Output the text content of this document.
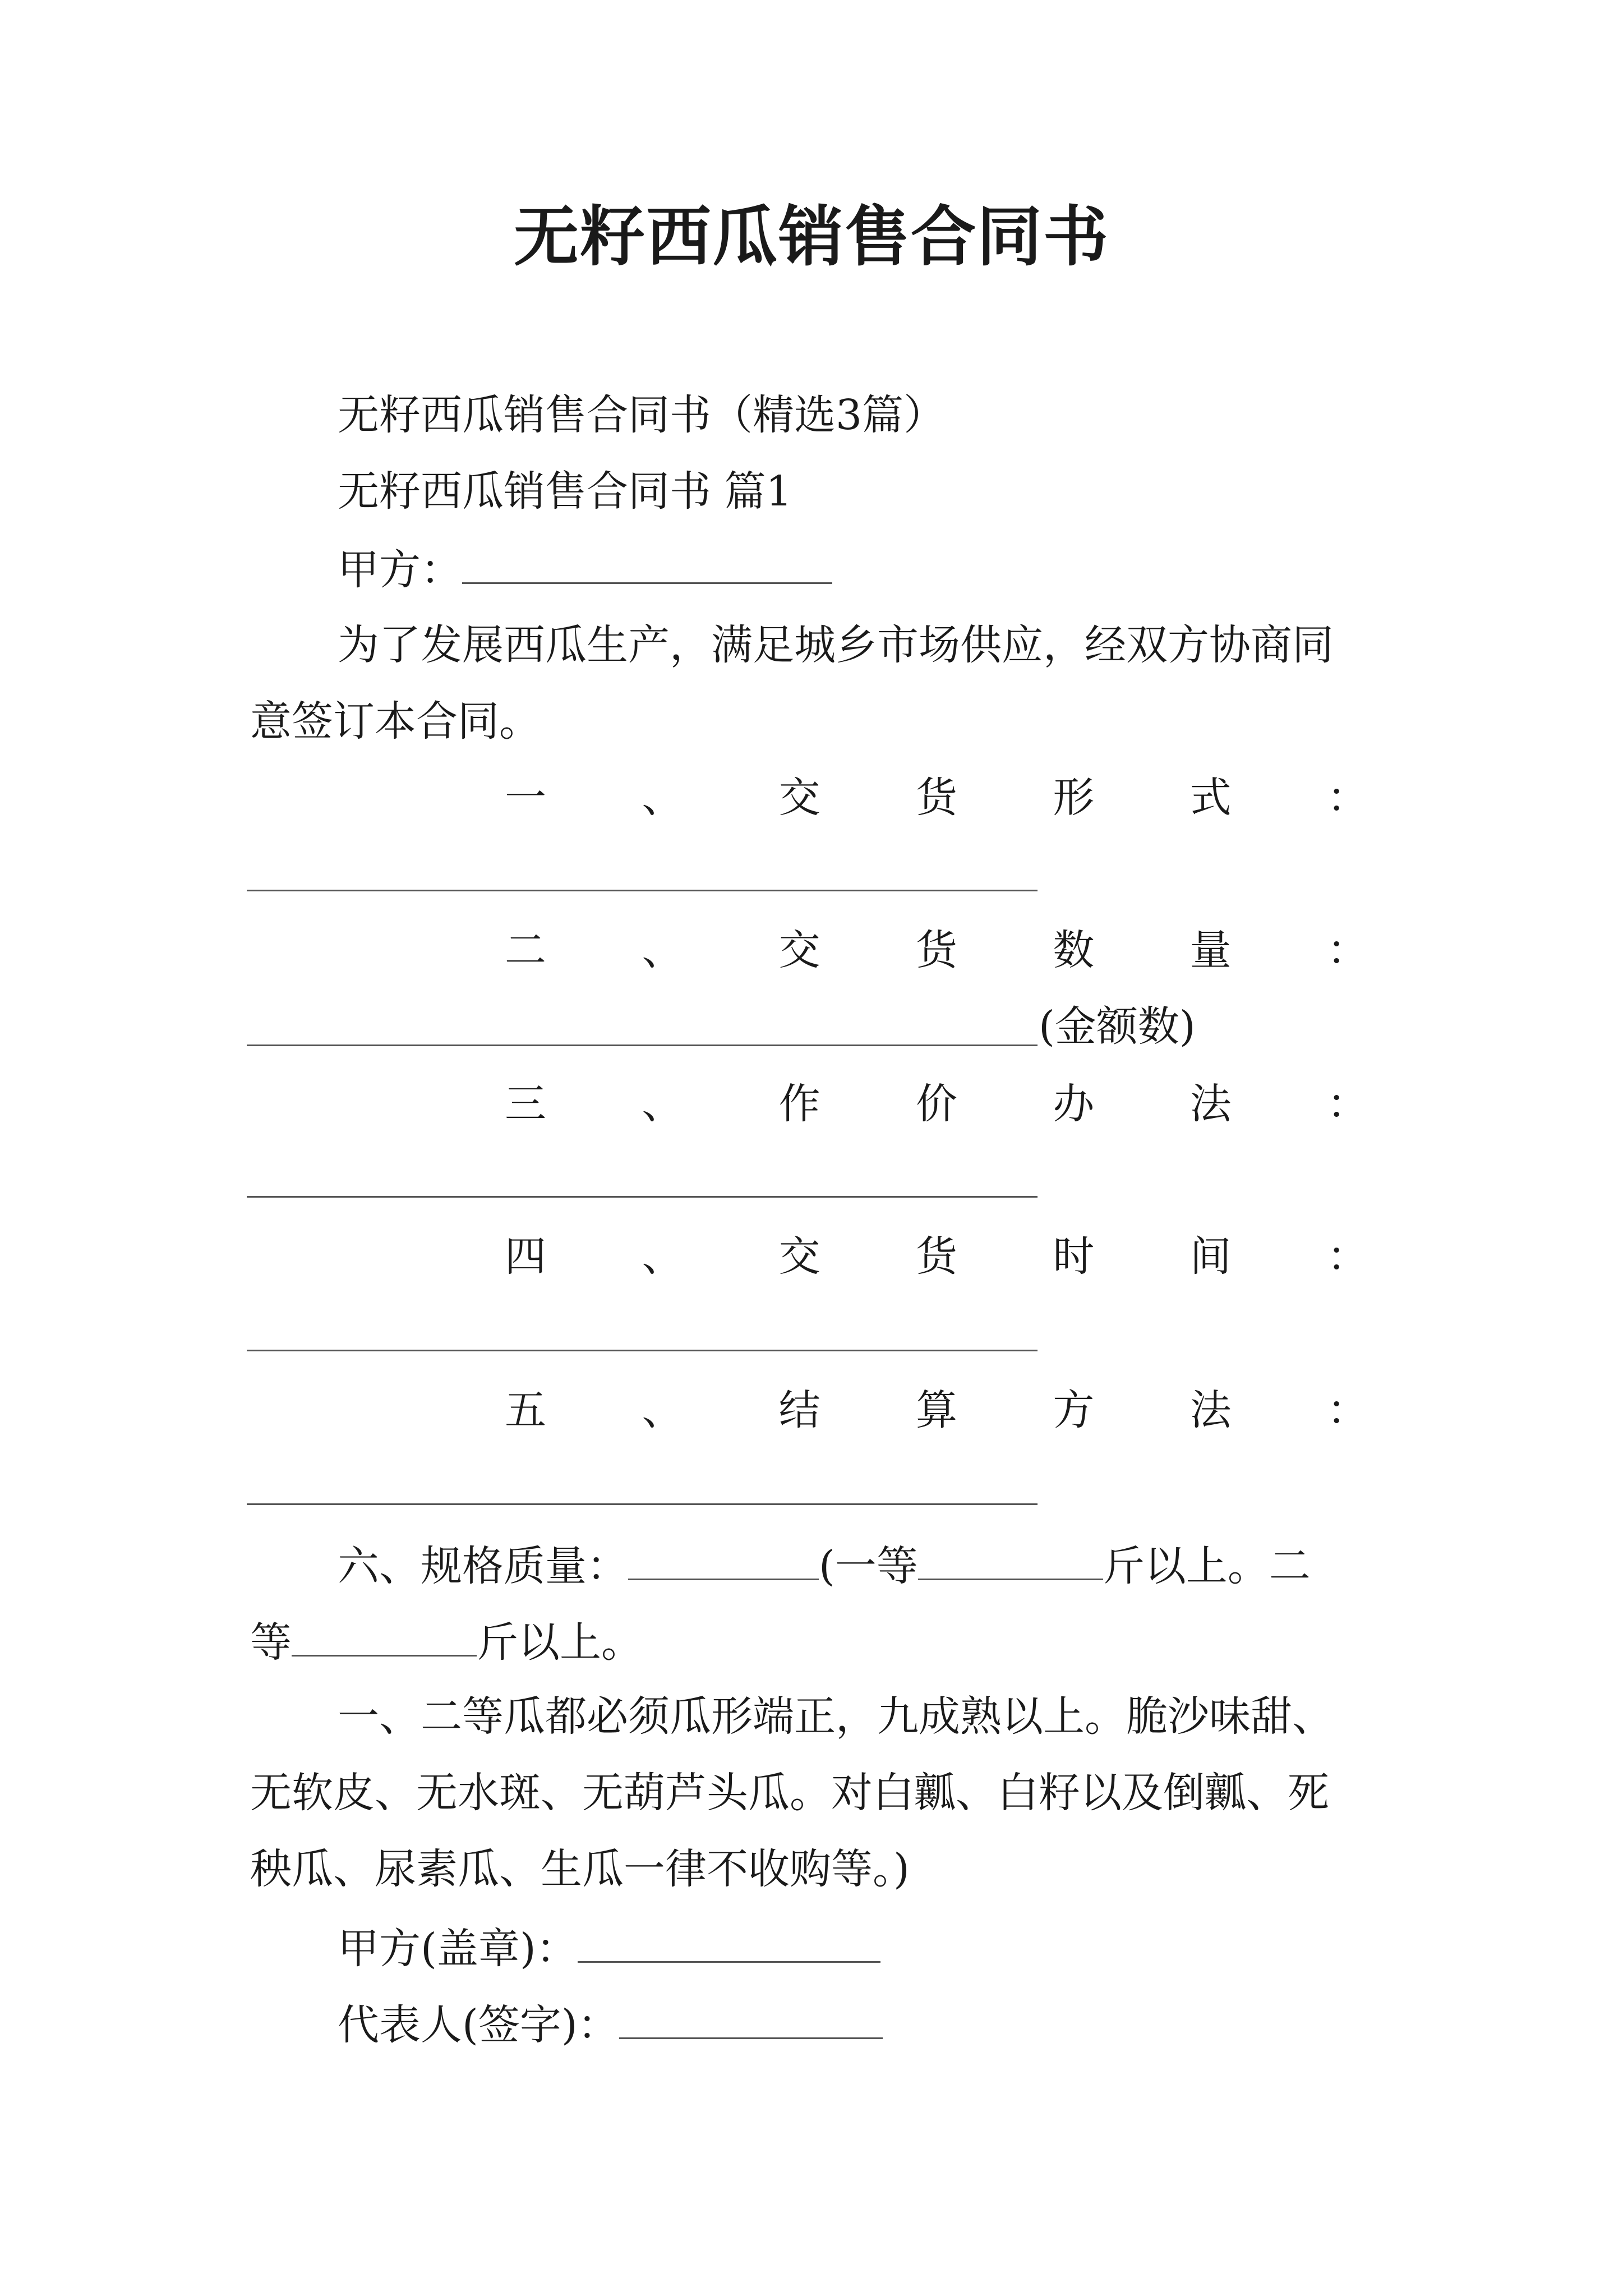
无籽西瓜销售合同书
无籽西瓜销售合同书（精选3篇）
无籽西瓜销售合同书 篇1
甲方：
为了发展西瓜生产，满足城乡市场供应，经双方协商同
意签订本合同。
一 、 交 货 形 式 ：
二 、 交 货 数 量 ：
(金额数)
三 、 作 价 办 法 ：
四 、 交 货 时 间 ：
五 、 结 算 方 法 ：
六、规格质量：	(一等	斤以上。二
等	斤以上。
一、二等瓜都必须瓜形端正，九成熟以上。脆沙味甜、
无软皮、无水斑、无葫芦头瓜。对白瓤、白籽以及倒瓤、死
秧瓜、尿素瓜、生瓜一律不收购等。)
甲方(盖章)：
代表人(签字)：
